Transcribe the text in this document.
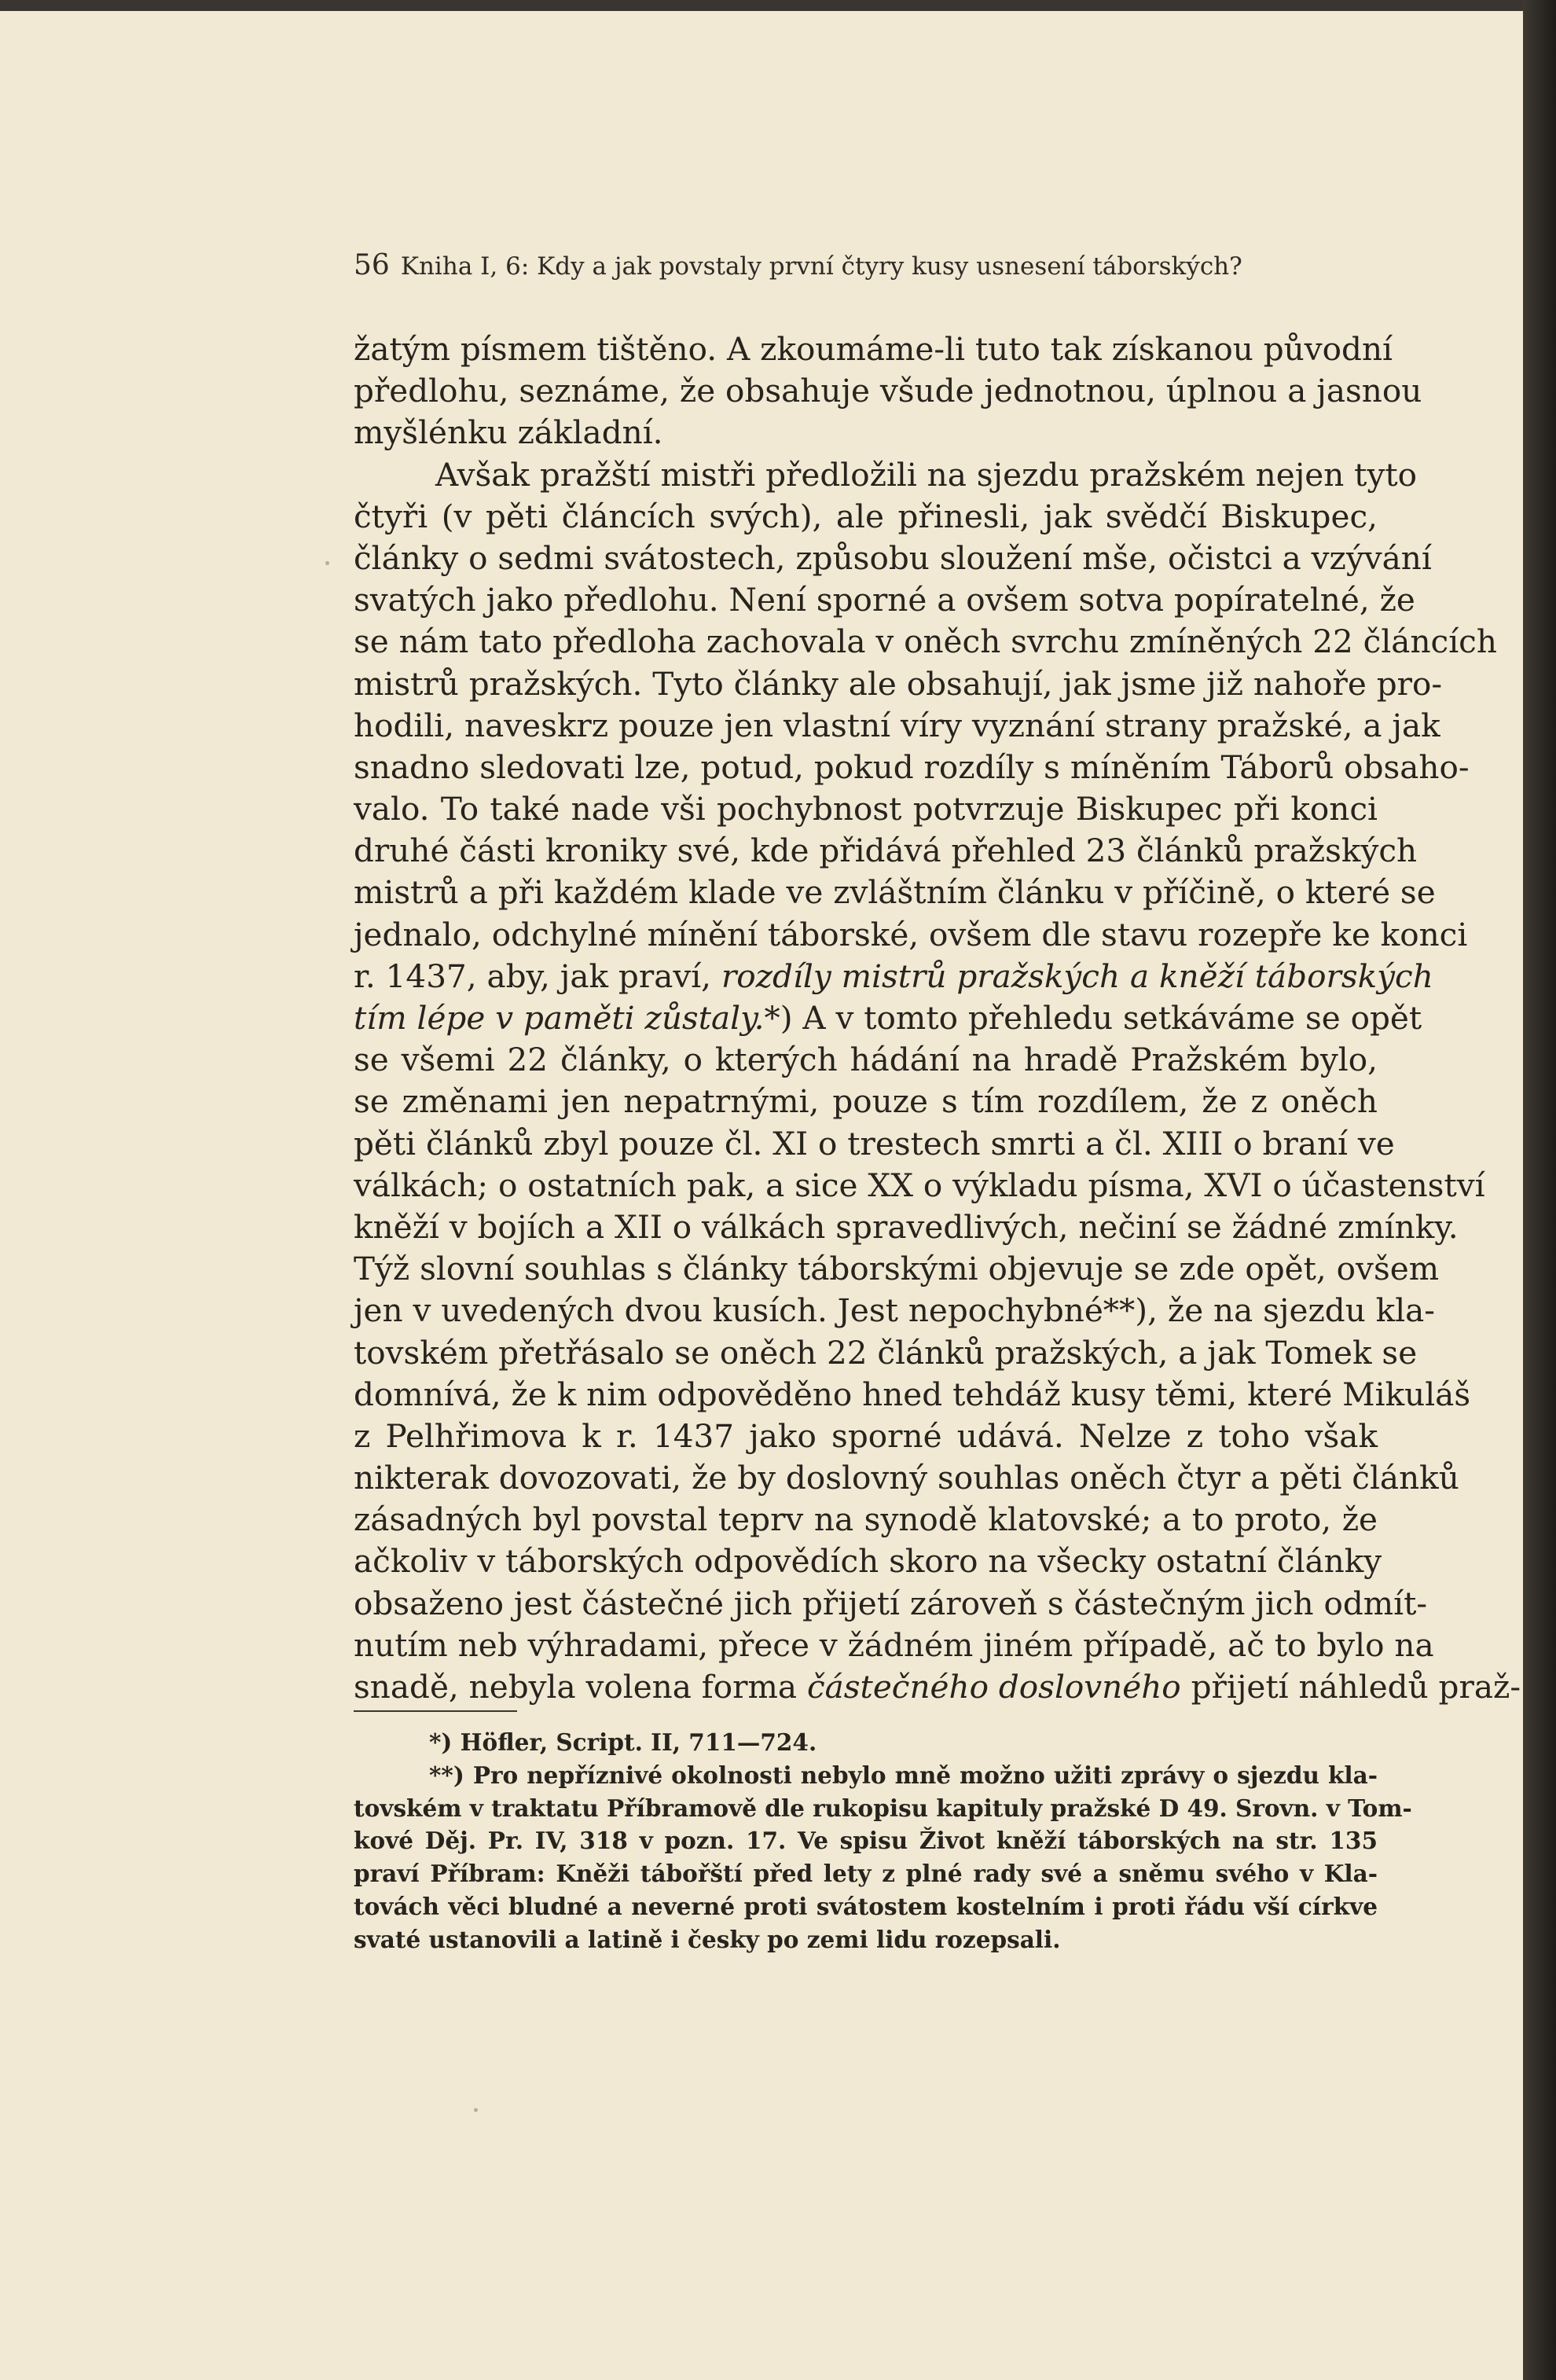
56 Kniha I, 6: Kdy a jak povstaly první čtyry kusy usnesení táborských?
žatým písmem tištěno. A zkoumáme-li tuto tak získanou původní
předlohu, seznáme, že obsahuje všude jednotnou, úplnou a jasnou
myšlénku základní.
Avšak pražští mistři předložili na sjezdu pražském nejen tyto
čtyři (v pěti článcích svých), ale přinesli, jak svědčí Biskupec,
články o sedmi svátostech, způsobu sloužení mše, očistci a vzývání
svatých jako předlohu. Není sporné a ovšem sotva popíratelné, že
se nám tato předloha zachovala v oněch svrchu zmíněných 22 článcích
mistrů pražských. Tyto články ale obsahují, jak jsme již nahoře pro-
hodili, naveskrz pouze jen vlastní víry vyznání strany pražské, a jak
snadno sledovati lze, potud, pokud rozdíly s míněním Táborů obsaho-
valo. To také nade vši pochybnost potvrzuje Biskupec při konci
druhé části kroniky své, kde přidává přehled 23 článků pražských
mistrů a při každém klade ve zvláštním článku v příčině, o které se
jednalo, odchylné mínění táborské, ovšem dle stavu rozepře ke konci
r. 1437, aby, jak praví, rozdíly mistrů pražských a kněží táborských
tím lépe v paměti zůstaly.*) A v tomto přehledu setkáváme se opět
se všemi 22 články, o kterých hádání na hradě Pražském bylo,
se změnami jen nepatrnými, pouze s tím rozdílem, že z oněch
pěti článků zbyl pouze čl. XI o trestech smrti a čl. XIII o braní ve
válkách; o ostatních pak, a sice XX o výkladu písma, XVI o účastenství
kněží v bojích a XII o válkách spravedlivých, nečiní se žádné zmínky.
Týž slovní souhlas s články táborskými objevuje se zde opět, ovšem
jen v uvedených dvou kusích. Jest nepochybné**), že na sjezdu kla-
tovském přetřásalo se oněch 22 článků pražských, a jak Tomek se
domnívá, že k nim odpověděno hned tehdáž kusy těmi, které Mikuláš
z Pelhřimova k r. 1437 jako sporné udává. Nelze z toho však
nikterak dovozovati, že by doslovný souhlas oněch čtyr a pěti článků
zásadných byl povstal teprv na synodě klatovské; a to proto, že
ačkoliv v táborských odpovědích skoro na všecky ostatní články
obsaženo jest částečné jich přijetí zároveň s částečným jich odmít-
nutím neb výhradami, přece v žádném jiném případě, ač to bylo na
snadě, nebyla volena forma částečného doslovného přijetí náhledů praž-
*) Höfler, Script. II, 711—724.
**) Pro nepříznivé okolnosti nebylo mně možno užiti zprávy o sjezdu kla-
tovském v traktatu Příbramově dle rukopisu kapituly pražské D 49. Srovn. v Tom-
kové Děj. Pr. IV, 318 v pozn. 17. Ve spisu Život kněží táborských na str. 135
praví Příbram: Kněži tábořští před lety z plné rady své a sněmu svého v Kla-
továch věci bludné a neverné proti svátostem kostelním i proti řádu vší církve
svaté ustanovili a latině i česky po zemi lidu rozepsali.
